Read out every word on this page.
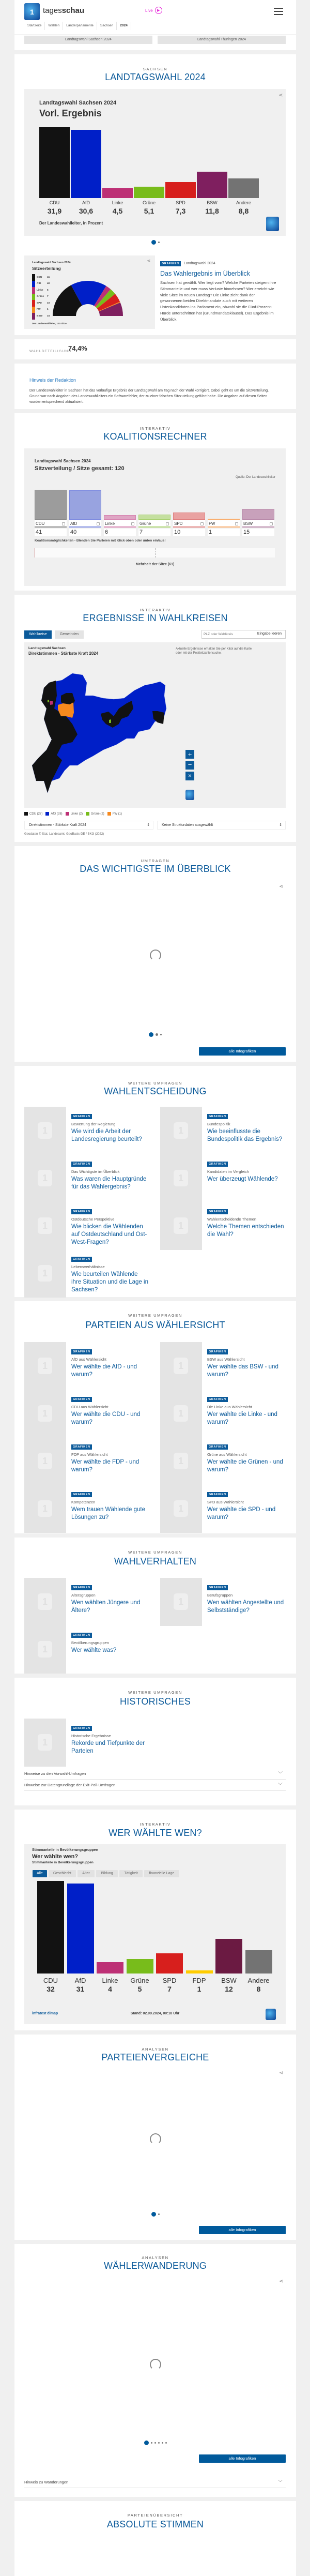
1	tagesschau	Live	▶
Startseite	Wahlen	Länderparlamente	Sachsen	2024
Landtagswahl Sachsen 2024	Landtagswahl Thüringen 2024
SACHSEN
LANDTAGSWAHL 2024
⋖
Landtagswahl Sachsen 2024
Vorl. Ergebnis
CDU
31,9
AfD
30,6
Linke
4,5
Grüne
5,1
SPD
7,3
BSW
11,8
Andere
8,8
Der Landeswahlleiter, in Prozent
Landtagswahl Sachsen 2024
Sitzverteilung
CDU	41
AfD	40
Linke	6
Grüne	7
SPD	10
FW	1
BSW	15
Der Landeswahlleiter, 120 Sitze
⋖
GRAFIKEN Landtagswahl 2024
Das Wahlergebnis im Überblick
Sachsen hat gewählt. Wer liegt vorn? Welche Parteien steigern ihre Stimmanteile und wer muss Verluste hinnehmen? Wer erreicht wie viele Sitze im neuen Landtag? Die Linke zieht dank der gewonnenen beiden Direktmandate auch mit weiteren Listenkandidaten ins Parlament ein, obwohl sie die Fünf-Prozent-Hürde unterschritten hat (Grundmandatsklausel). Das Ergebnis im Überblick.
WAHLBETEILIGUNG:
74,4%
Hinweis der Redaktion
Der Landeswahlleiter in Sachsen hat das vorläufige Ergebnis der Landtagswahl am Tag nach der Wahl korrigiert. Dabei geht es um die Sitzverteilung. Grund war nach Angaben des Landeswahlleiters ein Softwarefehler, der zu einer falschen Sitzzuteilung geführt habe. Die Angaben auf diesen Seiten wurden entsprechend aktualisiert.
INTERAKTIV
KOALITIONSRECHNER
Landtagswahl Sachsen 2024
Sitzverteilung / Sitze gesamt: 120
Quelle: Der Landeswahlleiter
CDU
41
AfD
40
Linke
6
Grüne
7
SPD
10
FW
1
BSW
15
Koalitionsmöglichkeiten - Blenden Sie Parteien mit Klick oben oder unten ein/aus!
Mehrheit der Sitze (61)
INTERAKTIV
ERGEBNISSE IN WAHLKREISEN
Wahlkreise	Gemeinden
PLZ oder Wahlkreis	Eingabe leeren
Landtagswahl Sachsen
Direktstimmen - Stärkste Kraft 2024
Aktuelle Ergebnisse erhalten Sie per Klick auf die Karte oder mit der Postleitzahlensuche.
+
−
✕
CDU (27)	AfD (28)	Linke (2)	Grüne (2)	FW (1)
Direktstimmen - Stärkste Kraft 2024	⇕	Keine Strukturdaten ausgewählt	⇕
Geodaten © Stat. Landesamt, GeoBasis-DE / BKG (2022)
UMFRAGEN
DAS WICHTIGSTE IM ÜBERBLICK
⋖
alle Infografiken
WEITERE UMFRAGEN
WAHLENTSCHEIDUNG
1
GRAFIKEN
Bewertung der Regierung
Wie wird die Arbeit der Landesregierung beurteilt?
1
GRAFIKEN
Bundespolitik
Wie beeinflusste die Bundespolitik das Ergebnis?
1
GRAFIKEN
Das Wichtigste im Überblick
Was waren die Hauptgründe für das Wahlergebnis?
1
GRAFIKEN
Kandidaten im Vergleich
Wer überzeugt Wählende?
1
GRAFIKEN
Ostdeutsche Perspektive
Wie blicken die Wählenden auf Ostdeutschland und Ost-West-Fragen?
1
GRAFIKEN
Wahlentscheidende Themen
Welche Themen entschieden die Wahl?
1
GRAFIKEN
Lebensverhältnisse
Wie beurteilen Wählende ihre Situation und die Lage in Sachsen?
WEITERE UMFRAGEN
PARTEIEN AUS WÄHLERSICHT
1
GRAFIKEN
AfD aus Wählersicht
Wer wählte die AfD - und warum?
1
GRAFIKEN
BSW aus Wählersicht
Wer wählte das BSW - und warum?
1
GRAFIKEN
CDU aus Wählersicht
Wer wählte die CDU - und warum?
1
GRAFIKEN
Die Linke aus Wählersicht
Wer wählte die Linke - und warum?
1
GRAFIKEN
FDP aus Wählersicht
Wer wählte die FDP - und warum?
1
GRAFIKEN
Grüne aus Wählersicht
Wer wählte die Grünen - und warum?
1
GRAFIKEN
Kompetenzen
Wem trauen Wählende gute Lösungen zu?
1
GRAFIKEN
SPD aus Wählersicht
Wer wählte die SPD - und warum?
WEITERE UMFRAGEN
WAHLVERHALTEN
1
GRAFIKEN
Altersgruppen
Wen wählten Jüngere und Ältere?
1
GRAFIKEN
Berufsgruppen
Wen wählten Angestellte und Selbstständige?
1
GRAFIKEN
Bevölkerungsgruppen
Wer wählte was?
WEITERE UMFRAGEN
HISTORISCHES
1
GRAFIKEN
Historische Ergebnisse
Rekorde und Tiefpunkte der Parteien
Hinweise zu den Vorwahl-Umfragen	﹀
Hinweise zur Datengrundlage der Exit-Poll-Umfragen	﹀
INTERAKTIV
WER WÄHLTE WEN?
Stimmanteile in Bevölkerungsgruppen
Wer wählte wen?
Stimmanteile in Bevölkerungsgruppen
Alle	Geschlecht	Alter	Bildung	Tätigkeit	finanzielle Lage
CDU
32
AfD
31
Linke
4
Grüne
5
SPD
7
FDP
1
BSW
12
Andere
8
infratest dimap	Stand: 02.09.2024, 00:18 Uhr
ANALYSEN
PARTEIENVERGLEICHE
⋖
alle Infografiken
ANALYSEN
WÄHLERWANDERUNG
⋖
alle Infografiken
Hinweis zu Wanderungen	﹀
PARTEIENÜBERSICHT
ABSOLUTE STIMMEN
